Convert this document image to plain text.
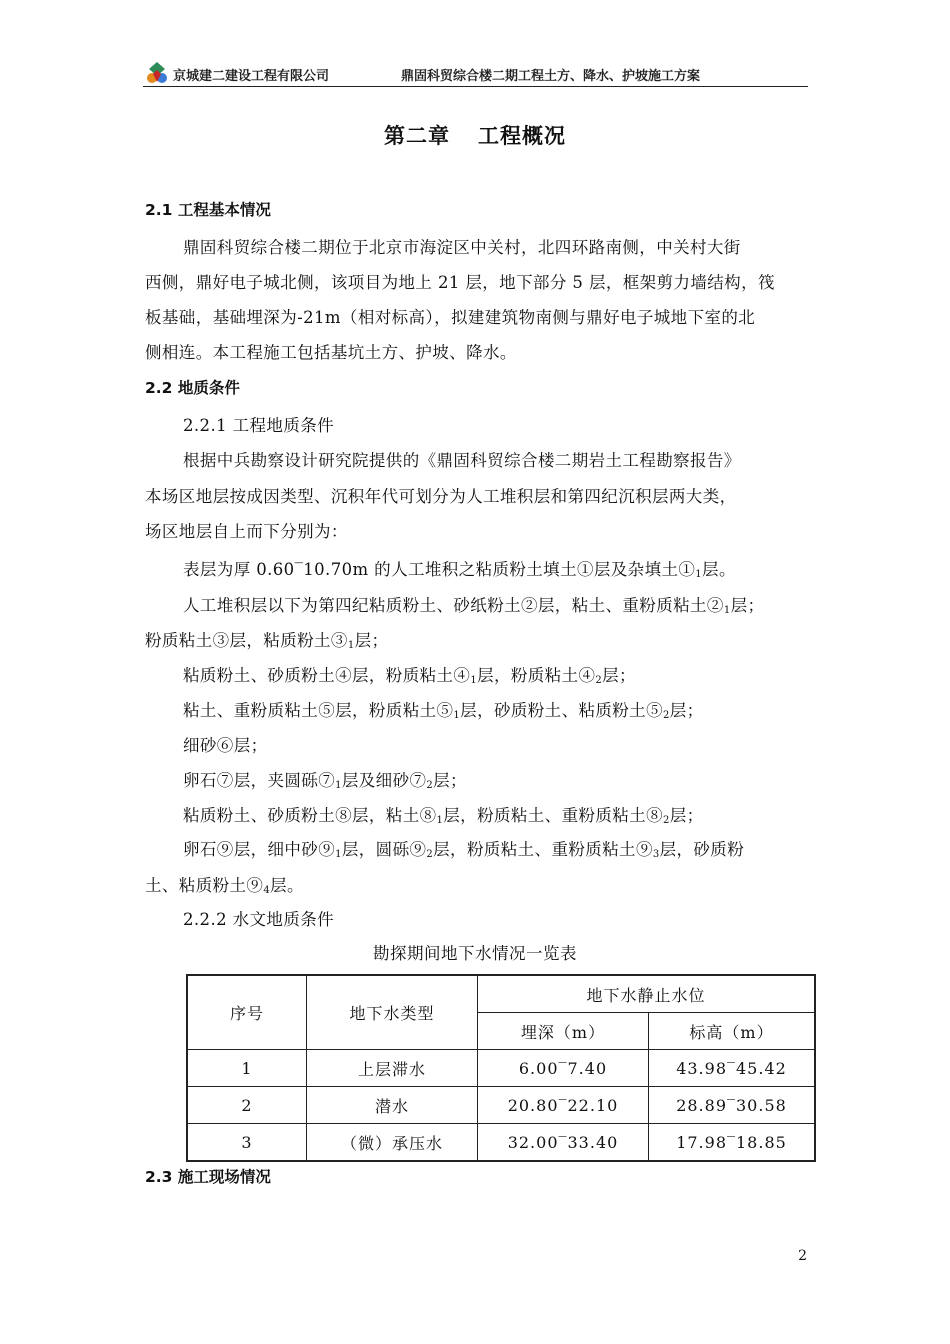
京城建二建设工程有限公司	鼎固科贸综合楼二期工程土方、降水、护坡施工方案
第二章 工程概况
2.1 工程基本情况
鼎固科贸综合楼二期位于北京市海淀区中关村，北四环路南侧，中关村大街
西侧，鼎好电子城北侧，该项目为地上 21 层，地下部分 5 层，框架剪力墙结构，筏
板基础，基础埋深为-21m（相对标高），拟建建筑物南侧与鼎好电子城地下室的北
侧相连。本工程施工包括基坑土方、护坡、降水。
2.2 地质条件
2.2.1 工程地质条件
根据中兵勘察设计研究院提供的《鼎固科贸综合楼二期岩土工程勘察报告》
本场区地层按成因类型、沉积年代可划分为人工堆积层和第四纪沉积层两大类，
场区地层自上而下分别为：
表层为厚 0.60‾10.70m 的人工堆积之粘质粉土填土①层及杂填土$①_1$层。
人工堆积层以下为第四纪粘质粉土、砂纸粉土②层，粘土、重粉质粘土$②_1$层；
粉质粘土③层，粘质粉土$③_1$层；
粘质粉土、砂质粉土④层，粉质粘土$④_1$层，粉质粘土$④_2$层；
粘土、重粉质粘土⑤层，粉质粘土$⑤_1$层，砂质粉土、粘质粉土$⑤_2$层；
细砂⑥层；
卵石⑦层，夹圆砾$⑦_1$层及细砂$⑦_2$层；
粘质粉土、砂质粉土⑧层，粘土$⑧_1$层，粉质粘土、重粉质粘土$⑧_2$层；
卵石⑨层，细中砂$⑨_1$层，圆砾$⑨_2$层，粉质粘土、重粉质粘土$⑨_3$层，砂质粉
土、粘质粉土$⑨_4$层。
2.2.2 水文地质条件
勘探期间地下水情况一览表
序号	地下水类型	地下水静止水位	
		埋深（m）	标高（m）
1	上层滞水	6.00‾7.40	43.98‾45.42
2	潜水	20.80‾22.10	28.89‾30.58
3	（微）承压水	32.00‾33.40	17.98‾18.85
2.3 施工现场情况
2
